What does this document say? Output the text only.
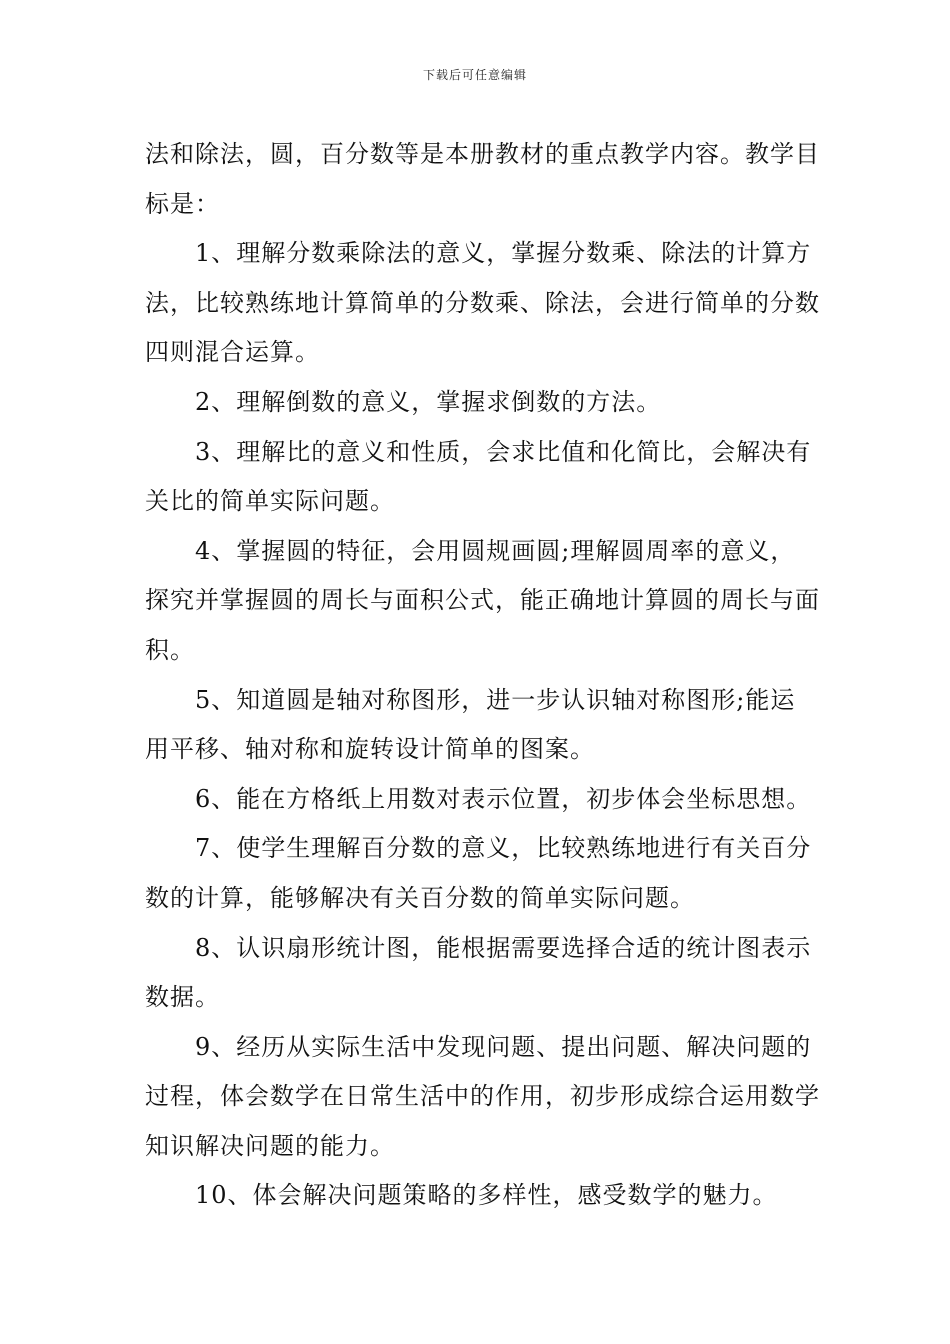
下载后可任意编辑

法和除法，圆，百分数等是本册教材的重点教学内容。教学目标是：

1、理解分数乘除法的意义，掌握分数乘、除法的计算方法，比较熟练地计算简单的分数乘、除法，会进行简单的分数四则混合运算。

2、理解倒数的意义，掌握求倒数的方法。

3、理解比的意义和性质，会求比值和化简比，会解决有关比的简单实际问题。

4、掌握圆的特征，会用圆规画圆;理解圆周率的意义，探究并掌握圆的周长与面积公式，能正确地计算圆的周长与面积。

5、知道圆是轴对称图形，进一步认识轴对称图形;能运用平移、轴对称和旋转设计简单的图案。

6、能在方格纸上用数对表示位置，初步体会坐标思想。

7、使学生理解百分数的意义，比较熟练地进行有关百分数的计算，能够解决有关百分数的简单实际问题。

8、认识扇形统计图，能根据需要选择合适的统计图表示数据。

9、经历从实际生活中发现问题、提出问题、解决问题的过程，体会数学在日常生活中的作用，初步形成综合运用数学知识解决问题的能力。

10、体会解决问题策略的多样性，感受数学的魅力。
